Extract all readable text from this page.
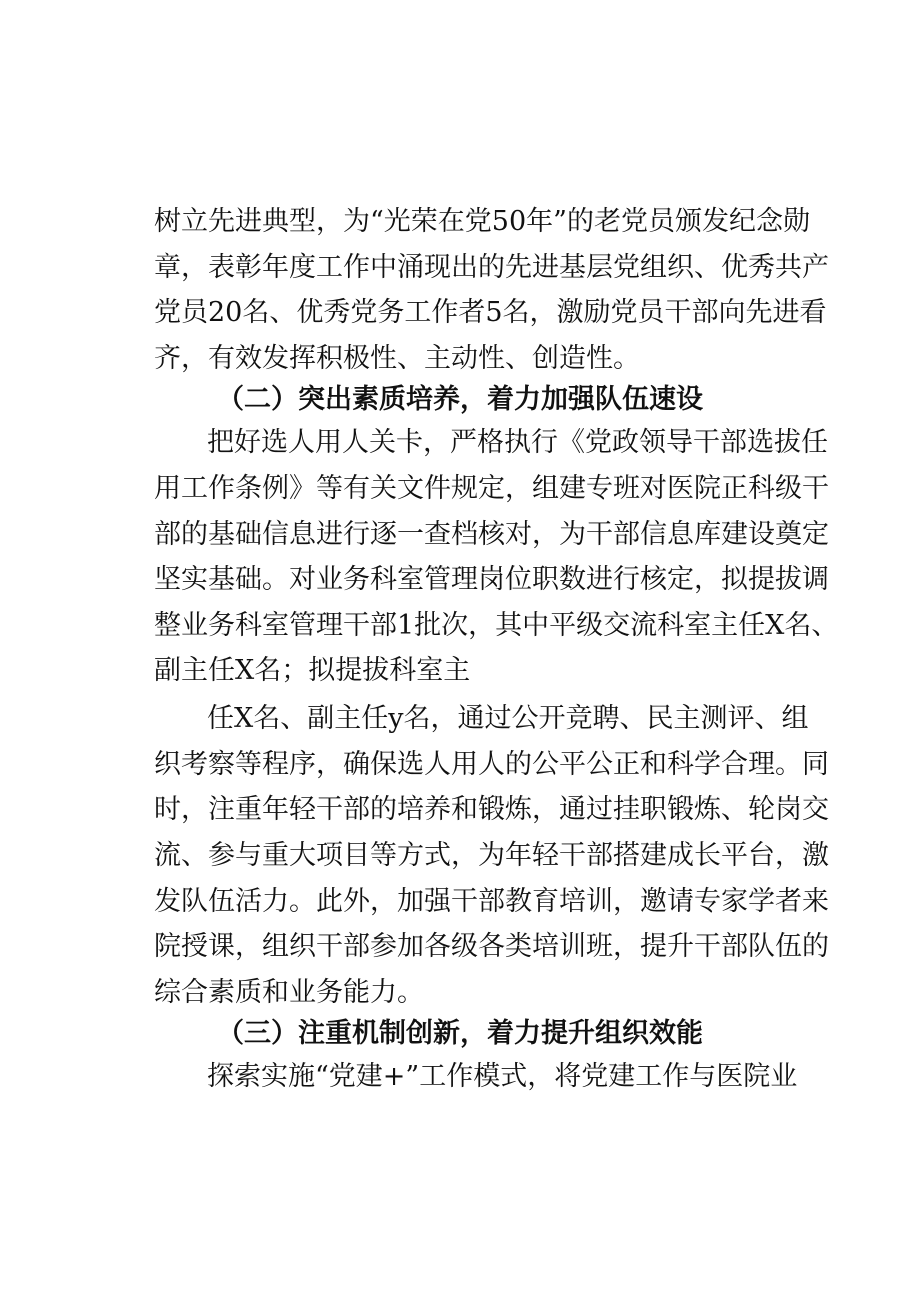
树立先进典型，为“光荣在党50年”的老党员颁发纪念勋
章，表彰年度工作中涌现出的先进基层党组织、优秀共产
党员20名、优秀党务工作者5名，激励党员干部向先进看
齐，有效发挥积极性、主动性、创造性。
（二）突出素质培养，着力加强队伍速设
把好选人用人关卡，严格执行《党政领导干部选拔任
用工作条例》等有关文件规定，组建专班对医院正科级干
部的基础信息进行逐一查档核对，为干部信息库建设奠定
坚实基础。对业务科室管理岗位职数进行核定，拟提拔调
整业务科室管理干部1批次，其中平级交流科室主任X名、
副主任X名；拟提拔科室主
任X名、副主任y名，通过公开竞聘、民主测评、组
织考察等程序，确保选人用人的公平公正和科学合理。同
时，注重年轻干部的培养和锻炼，通过挂职锻炼、轮岗交
流、参与重大项目等方式，为年轻干部搭建成长平台，激
发队伍活力。此外，加强干部教育培训，邀请专家学者来
院授课，组织干部参加各级各类培训班，提升干部队伍的
综合素质和业务能力。
（三）注重机制创新，着力提升组织效能
探索实施“党建+”工作模式，将党建工作与医院业
